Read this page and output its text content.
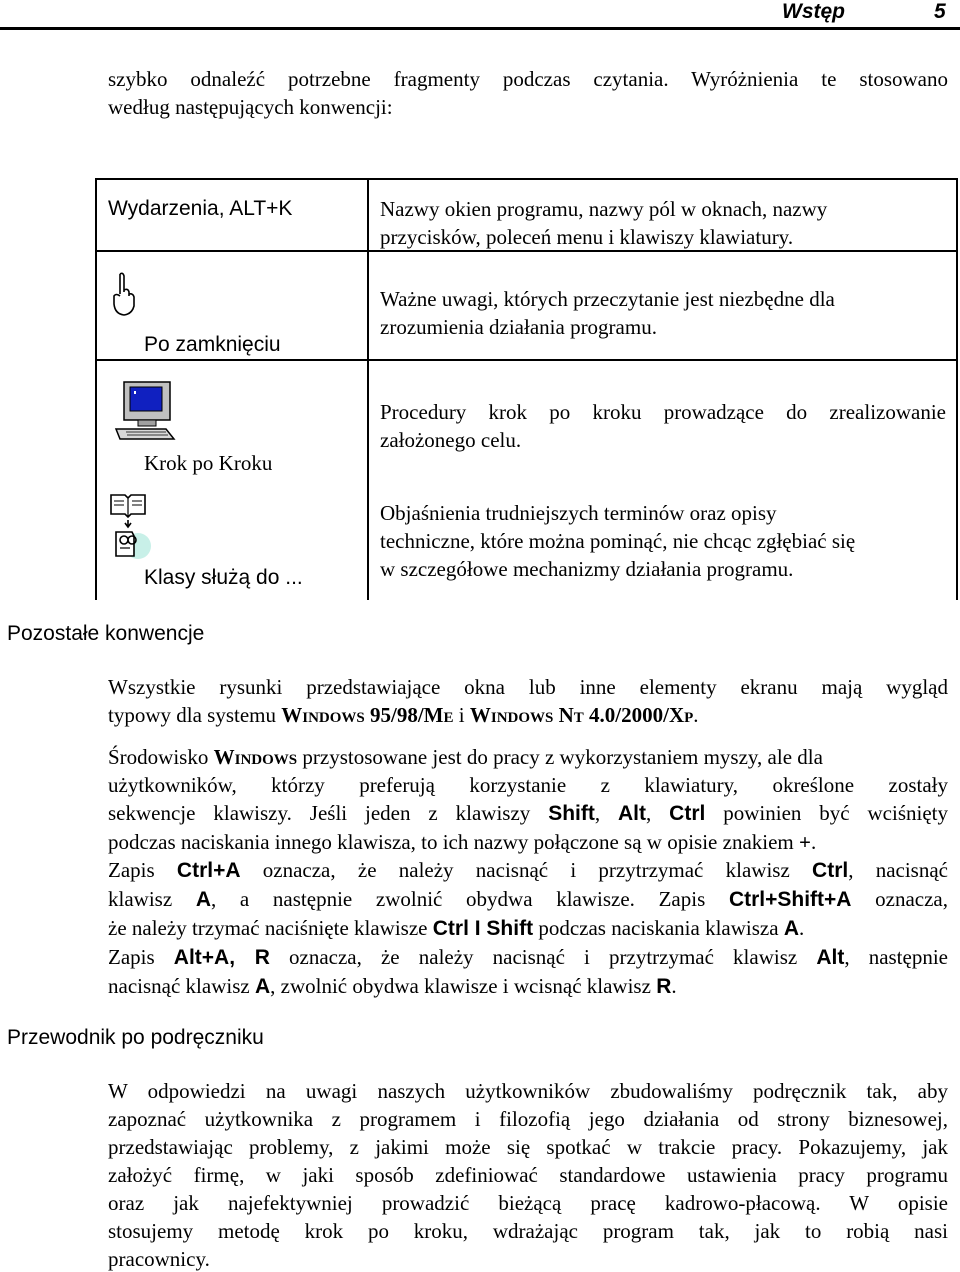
Wstęp	5
szybko odnaleźć potrzebne fragmenty podczas czytania. Wyróżnienia te stosowano
według następujących konwencji:
Wydarzenia, ALT+K	Nazwy okien programu, nazwy pól w oknach, nazwy
przycisków, poleceń menu i klawiszy klawiatury.
Po zamknięciu
Ważne uwagi, których przeczytanie jest niezbędne dla
zrozumienia działania programu.
Krok po Kroku
Procedury krok po kroku prowadzące do zrealizowanie
założonego celu.
Klasy służą do ...
Objaśnienia trudniejszych terminów oraz opisy
techniczne, które można pominąć, nie chcąc zgłębiać się
w szczegółowe mechanizmy działania programu.
Pozostałe konwencje
Wszystkie rysunki przedstawiające okna lub inne elementy ekranu mają wygląd
typowy dla systemu Windows 95/98/Me i Windows Nt 4.0/2000/Xp.
Środowisko Windows przystosowane jest do pracy z wykorzystaniem myszy, ale dla
użytkowników, którzy preferują korzystanie z klawiatury, określone zostały
sekwencje klawiszy. Jeśli jeden z klawiszy Shift, Alt, Ctrl powinien być wciśnięty
podczas naciskania innego klawisza, to ich nazwy połączone są w opisie znakiem +.
Zapis Ctrl+A oznacza, że należy nacisnąć i przytrzymać klawisz Ctrl, nacisnąć
klawisz A, a następnie zwolnić obydwa klawisze. Zapis Ctrl+Shift+A oznacza,
że należy trzymać naciśnięte klawisze Ctrl I Shift podczas naciskania klawisza A.
Zapis Alt+A, R oznacza, że należy nacisnąć i przytrzymać klawisz Alt, następnie
nacisnąć klawisz A, zwolnić obydwa klawisze i wcisnąć klawisz R.
Przewodnik po podręczniku
W odpowiedzi na uwagi naszych użytkowników zbudowaliśmy podręcznik tak, aby
zapoznać użytkownika z programem i filozofią jego działania od strony biznesowej,
przedstawiając problemy, z jakimi może się spotkać w trakcie pracy. Pokazujemy, jak
założyć firmę, w jaki sposób zdefiniować standardowe ustawienia pracy programu
oraz jak najefektywniej prowadzić bieżącą pracę kadrowo-płacową. W opisie
stosujemy metodę krok po kroku, wdrażając program tak, jak to robią nasi
pracownicy.
